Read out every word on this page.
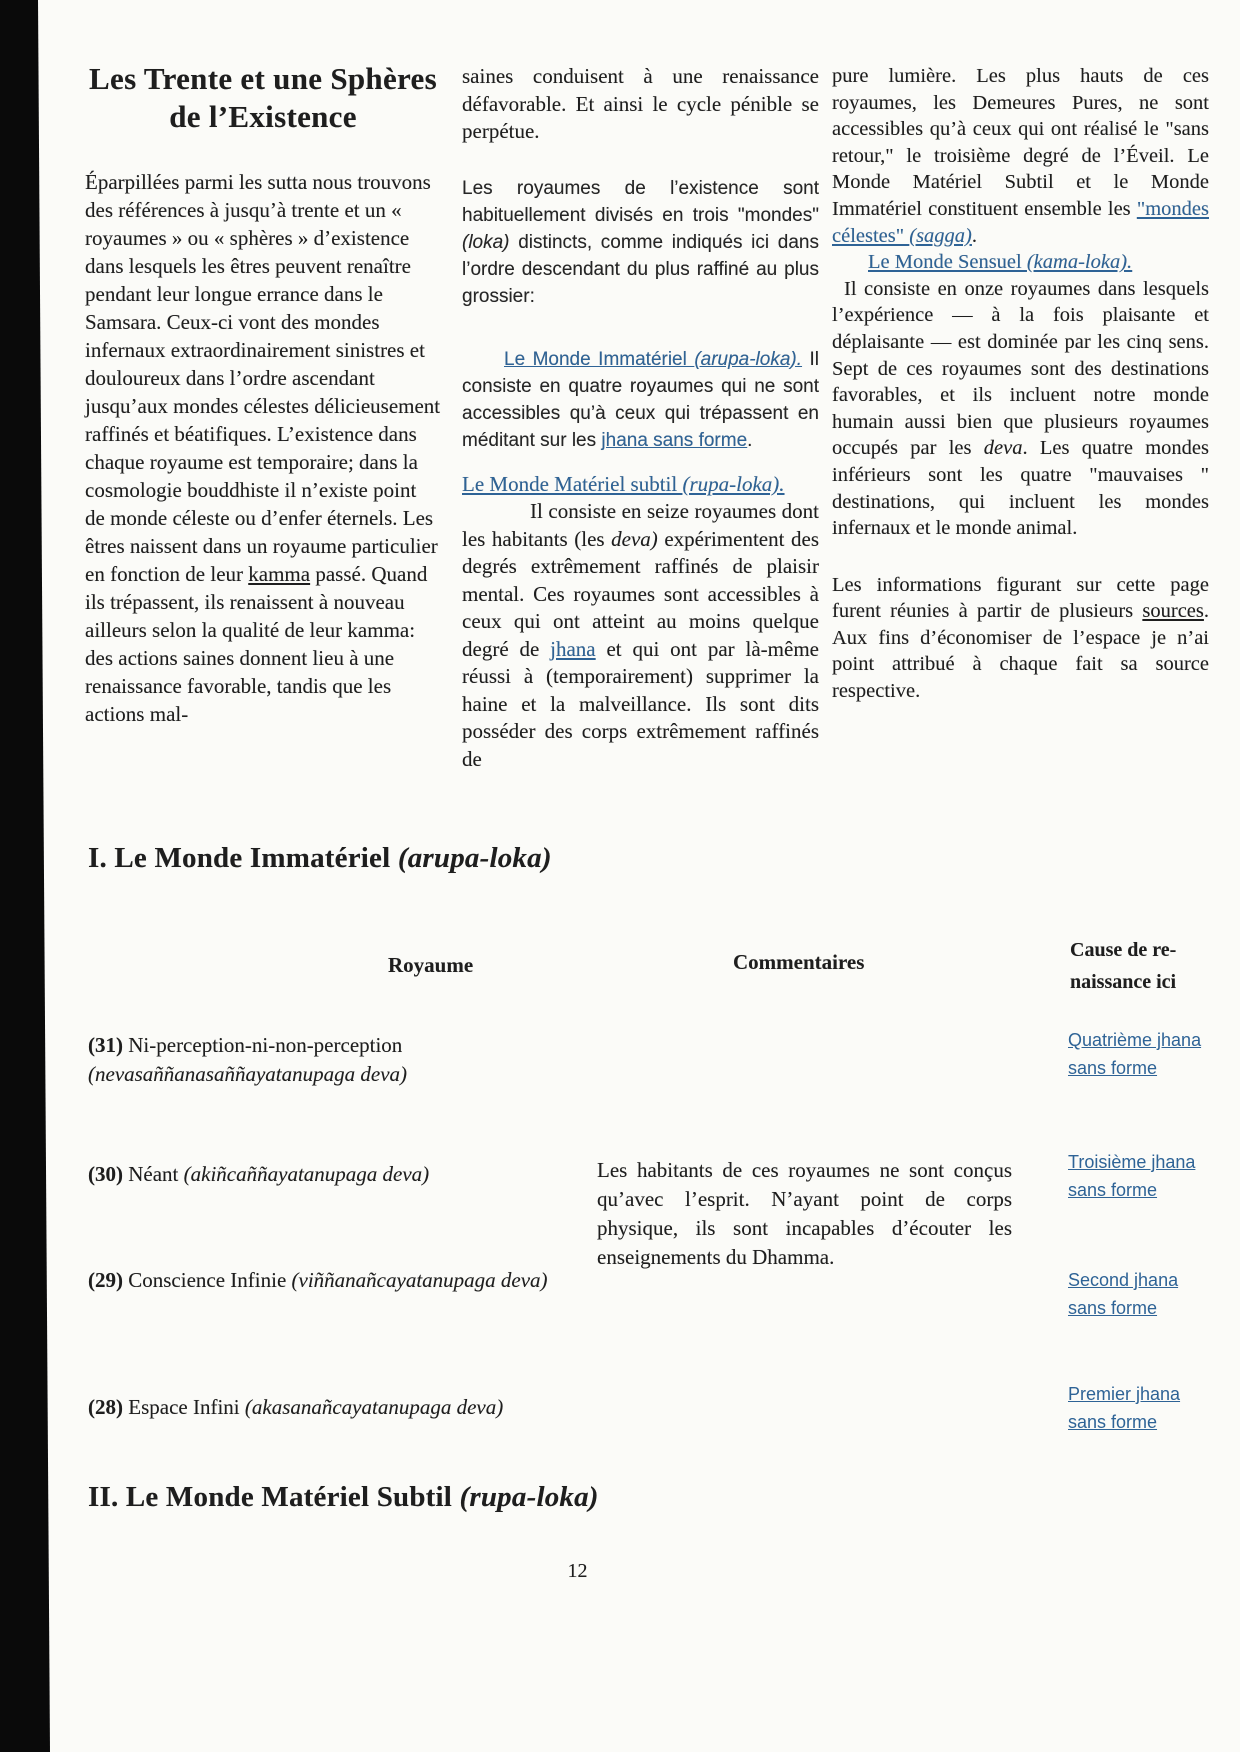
Les Trente et une Sphères de l’Existence

Éparpillées parmi les sutta nous trouvons des références à jusqu’à trente et un « royaumes » ou « sphères » d’existence dans lesquels les êtres peuvent renaître pendant leur longue errance dans le Samsara. Ceux-ci vont des mondes infernaux extraordinairement sinistres et douloureux dans l’ordre ascendant jusqu’aux mondes célestes délicieusement raffinés et béatifiques. L’existence dans chaque royaume est temporaire; dans la cosmologie bouddhiste il n’existe point de monde céleste ou d’enfer éternels. Les êtres naissent dans un royaume particulier en fonction de leur kamma passé. Quand ils trépassent, ils renaissent à nouveau ailleurs selon la qualité de leur kamma: des actions saines donnent lieu à une renaissance favorable, tandis que les actions mal-

saines conduisent à une renaissance défavorable. Et ainsi le cycle pénible se perpétue.

Les royaumes de l’existence sont habituellement divisés en trois "mondes" (loka) distincts, comme indiqués ici dans l’ordre descendant du plus raffiné au plus grossier:

Le Monde Immatériel (arupa-loka). Il consiste en quatre royaumes qui ne sont accessibles qu’à ceux qui trépassent en méditant sur les jhana sans forme.

Le Monde Matériel subtil (rupa-loka).

Il consiste en seize royaumes dont les habitants (les deva) expérimentent des degrés extrêmement raffinés de plaisir mental. Ces royaumes sont accessibles à ceux qui ont atteint au moins quelque degré de jhana et qui ont par là-même réussi à (temporairement) supprimer la haine et la malveillance. Ils sont dits posséder des corps extrêmement raffinés de

pure lumière. Les plus hauts de ces royaumes, les Demeures Pures, ne sont accessibles qu’à ceux qui ont réalisé le "sans retour," le troisième degré de l’Éveil. Le Monde Matériel Subtil et le Monde Immatériel constituent ensemble les "mondes célestes" (sagga).

Le Monde Sensuel (kama-loka).

Il consiste en onze royaumes dans lesquels l’expérience — à la fois plaisante et déplaisante — est dominée par les cinq sens. Sept de ces royaumes sont des destinations favorables, et ils incluent notre monde humain aussi bien que plusieurs royaumes occupés par les deva. Les quatre mondes inférieurs sont les quatre "mauvaises " destinations, qui incluent les mondes infernaux et le monde animal.

Les informations figurant sur cette page furent réunies à partir de plusieurs sources. Aux fins d’économiser de l’espace je n’ai point attribué à chaque fait sa source respective.

I. Le Monde Immatériel (arupa-loka)
Royaume	Commentaires	Cause de re-naissance ici
(31) Ni-perception-ni-non-perception (nevasaññanasaññayatanupaga deva)
(30) Néant (akiñcaññayatanupaga deva)
(29) Conscience Infinie (viññanañcayatanupaga deva)
(28) Espace Infini (akasanañcayatanupaga deva)
Les habitants de ces royaumes ne sont conçus qu’avec l’esprit. N’ayant point de corps physique, ils sont incapables d’écouter les enseignements du Dhamma.
Quatrième jhana sans forme
Troisième jhana sans forme
Second jhana sans forme
Premier jhana sans forme
II. Le Monde Matériel Subtil (rupa-loka)
12
